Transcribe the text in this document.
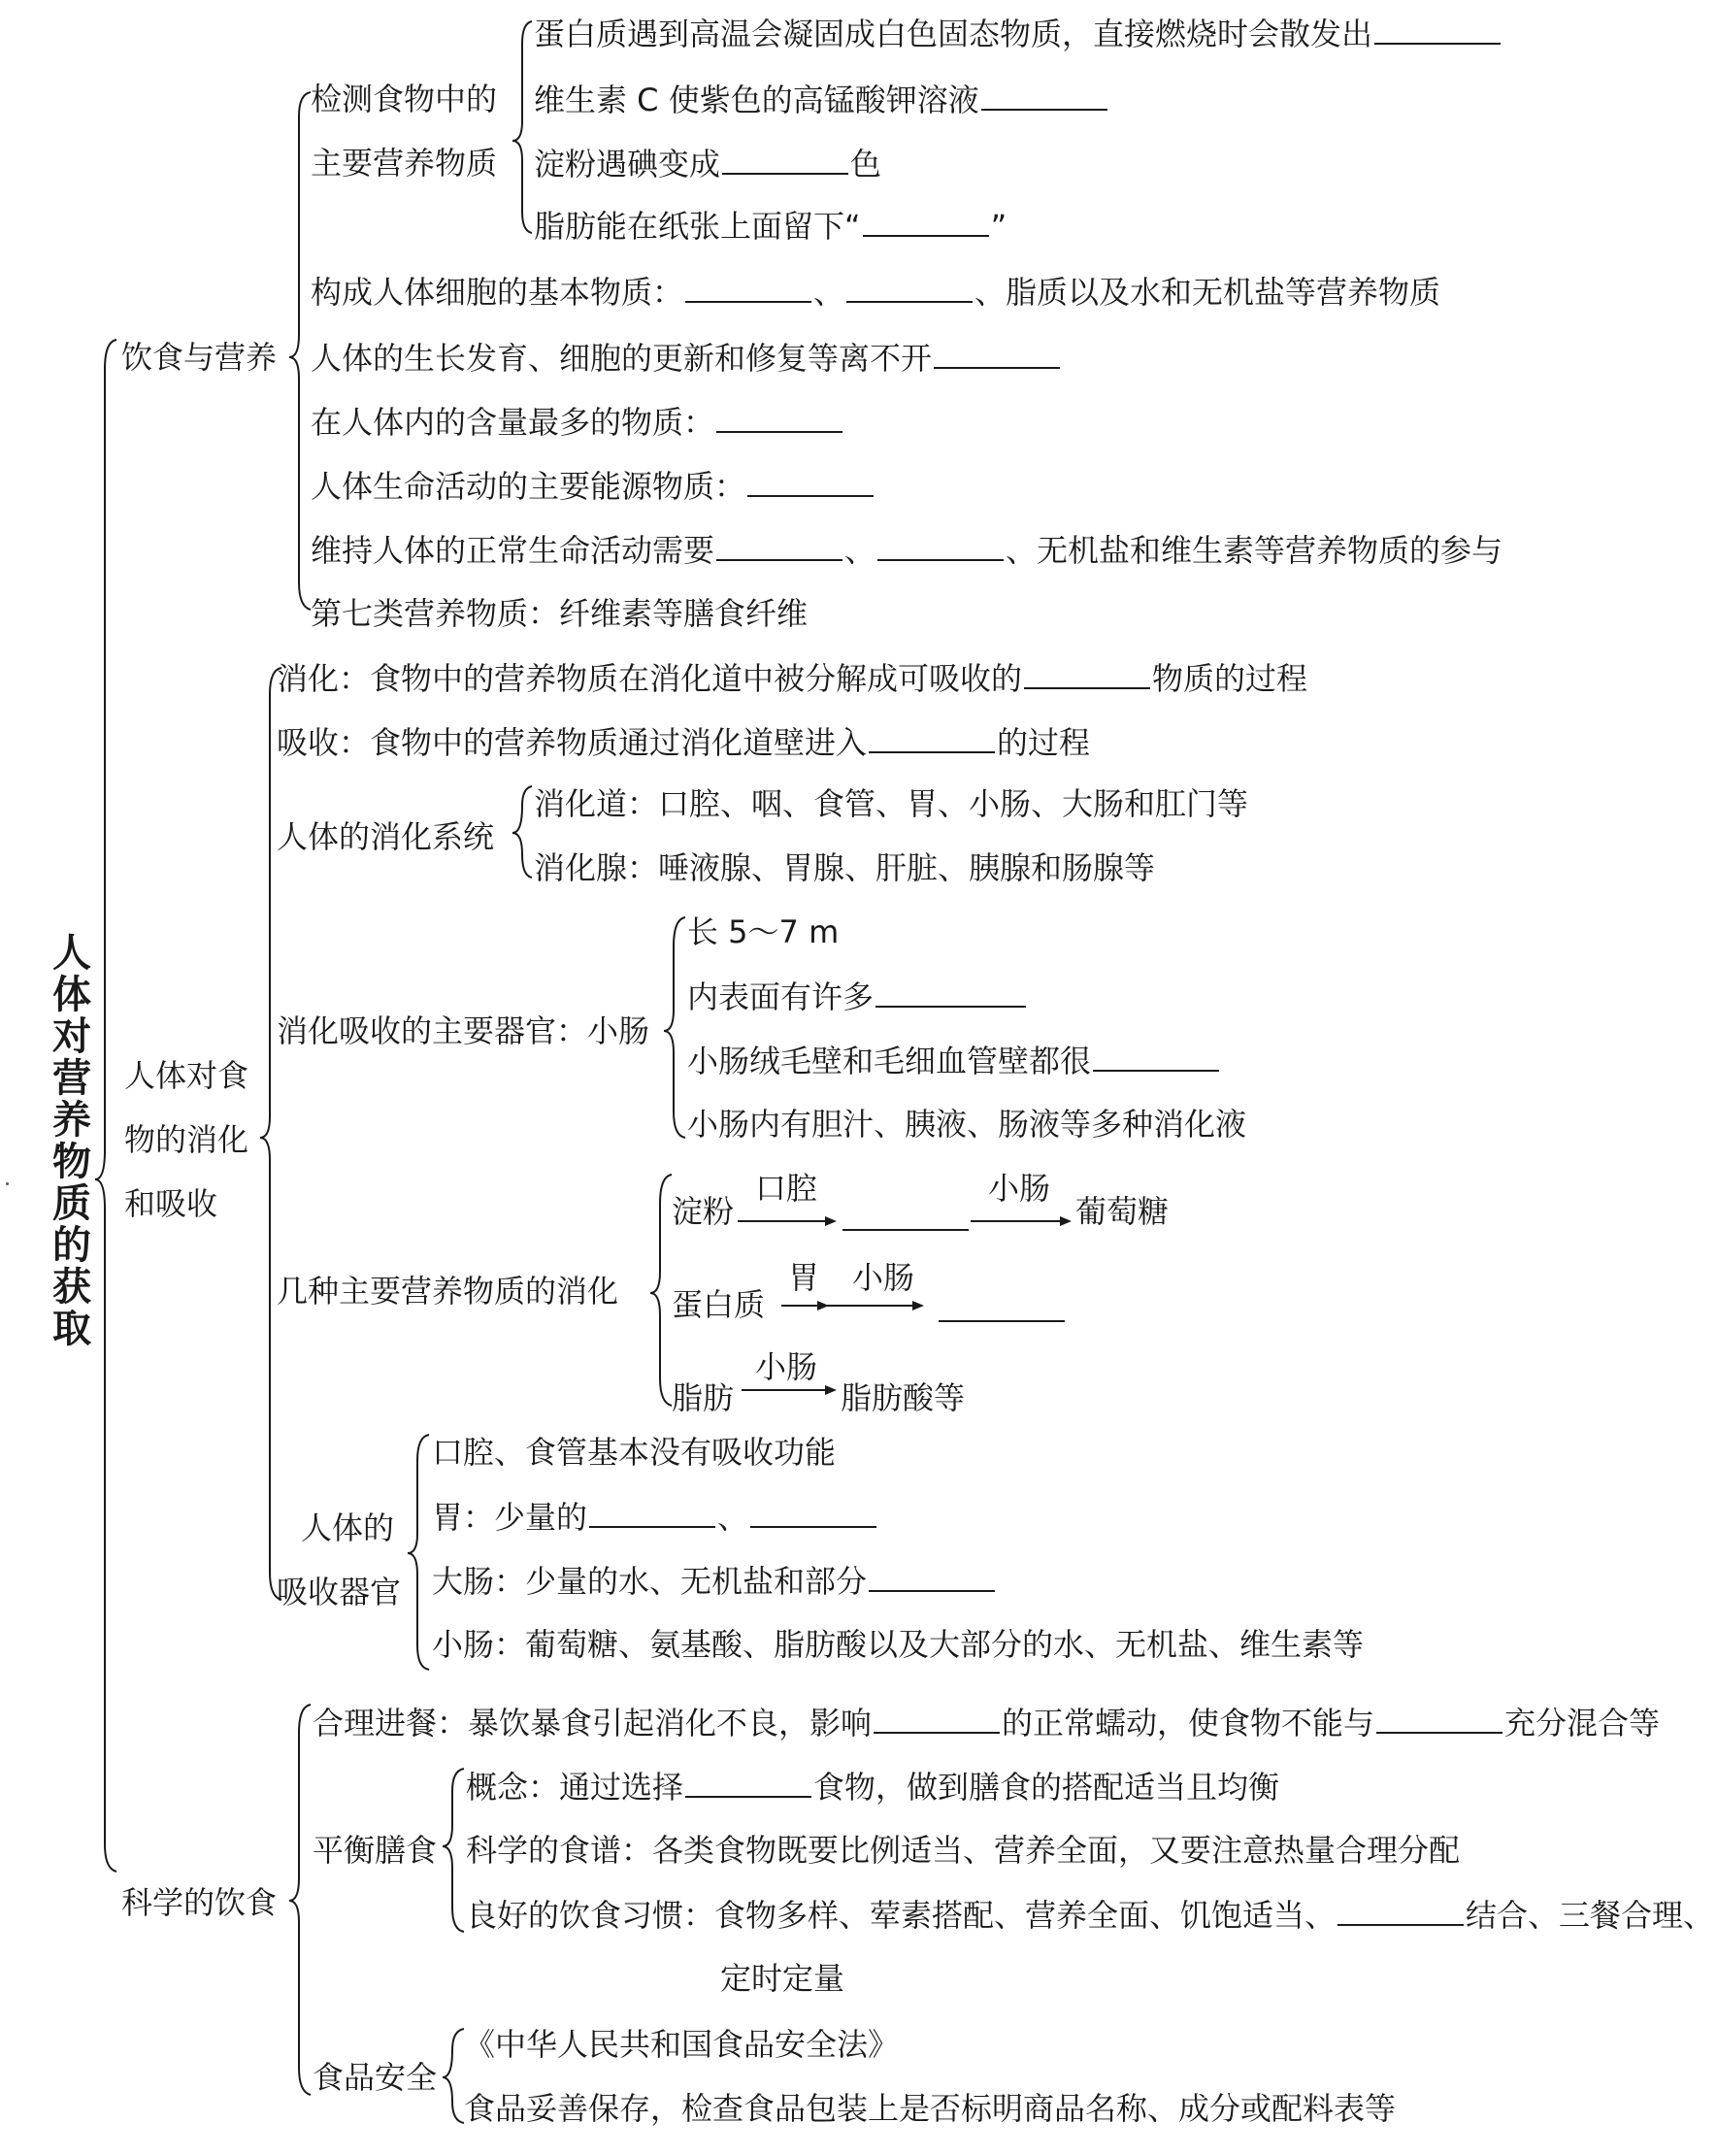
人体对营养物质的获取
饮食与营养
检测食物中的
主要营养物质
蛋白质遇到高温会凝固成白色固态物质，直接燃烧时会散发出
维生素 C 使紫色的高锰酸钾溶液
淀粉遇碘变成	色
脂肪能在纸张上面留下“	”
构成人体细胞的基本物质：	、	、脂质以及水和无机盐等营养物质
人体的生长发育、细胞的更新和修复等离不开
在人体内的含量最多的物质：
人体生命活动的主要能源物质：
维持人体的正常生命活动需要	、	、无机盐和维生素等营养物质的参与
第七类营养物质：纤维素等膳食纤维
人体对食
物的消化
和吸收
消化：食物中的营养物质在消化道中被分解成可吸收的	物质的过程
吸收：食物中的营养物质通过消化道壁进入	的过程
人体的消化系统
消化道：口腔、咽、食管、胃、小肠、大肠和肛门等
消化腺：唾液腺、胃腺、肝脏、胰腺和肠腺等
消化吸收的主要器官：小肠
长 5～7 m
内表面有许多
小肠绒毛壁和毛细血管壁都很
小肠内有胆汁、胰液、肠液等多种消化液
几种主要营养物质的消化
淀粉
口腔	小肠
葡萄糖
蛋白质
胃 小肠
脂肪
小肠
脂肪酸等
人体的
吸收器官
口腔、食管基本没有吸收功能
胃：少量的	、
大肠：少量的水、无机盐和部分
小肠：葡萄糖、氨基酸、脂肪酸以及大部分的水、无机盐、维生素等
科学的饮食
合理进餐：暴饮暴食引起消化不良，影响	的正常蠕动，使食物不能与	充分混合等
平衡膳食
概念：通过选择	食物，做到膳食的搭配适当且均衡
科学的食谱：各类食物既要比例适当、营养全面，又要注意热量合理分配
良好的饮食习惯：食物多样、荤素搭配、营养全面、饥饱适当、	结合、三餐合理、
定时定量
食品安全
《中华人民共和国食品安全法》
食品妥善保存，检查食品包装上是否标明商品名称、成分或配料表等
